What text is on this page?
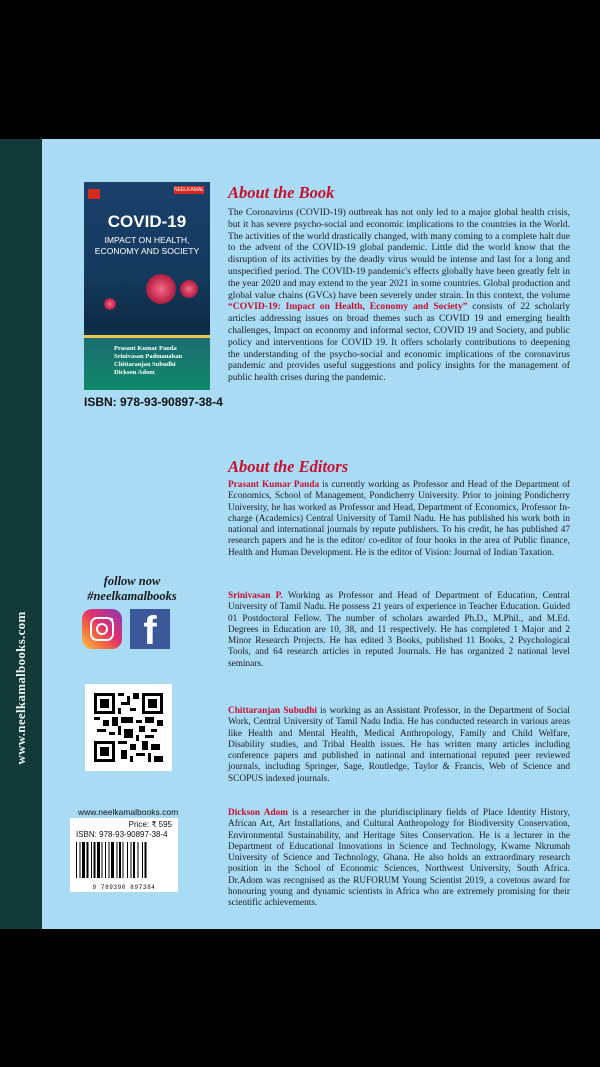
www.neelkamalbooks.com
NEELKAMAL
COVID-19
IMPACT ON HEALTH, ECONOMY AND SOCIETY
Prasant Kumar Panda
Srinivasan Padmanaban
Chittaranjan Subudhi
Dickson Adom
ISBN: 978-93-90897-38-4
follow now
#neelkamalbooks
f
www.neelkamalbooks.com
Price: ₹ 595
ISBN: 978-93-90897-38-4
9 789390 897384
About the Book

The Coronavirus (COVID-19) outbreak has not only led to a major global health crisis, but it has severe psycho-social and economic implications to the countries in the World. The activities of the world drastically changed, with many coming to a complete halt due to the advent of the COVID-19 global pandemic. Little did the world know that the disruption of its activities by the deadly virus would be intense and last for a long and unspecified period. The COVID-19 pandemic's effects globally have been greatly felt in the year 2020 and may extend to the year 2021 in some countries. Global production and global value chains (GVCs) have been severely under strain. In this context, the volume “COVID-19: Impact on Health, Economy and Society” consists of 22 scholarly articles addressing issues on broad themes such as COVID 19 and emerging health challenges, Impact on economy and informal sector, COVID 19 and Society, and public policy and interventions for COVID 19. It offers scholarly contributions to deepening the understanding of the psycho-social and economic implications of the coronavirus pandemic and provides useful suggestions and policy insights for the management of public health crises during the pandemic.

About the Editors

Prasant Kumar Panda is currently working as Professor and Head of the Department of Economics, School of Management, Pondicherry University. Prior to joining Pondicherry University, he has worked as Professor and Head, Department of Economics, Professor In-charge (Academics) Central University of Tamil Nadu. He has published his work both in national and international journals by repute publishers. To his credit, he has published 47 research papers and he is the editor/ co-editor of four books in the area of Public finance, Health and Human Development. He is the editor of Vision: Journal of Indian Taxation.

Srinivasan P. Working as Professor and Head of Department of Education, Central University of Tamil Nadu. He possess 21 years of experience in Teacher Education. Guided 01 Postdoctoral Fellow. The number of scholars awarded Ph.D., M.Phil., and M.Ed. Degrees in Education are 10, 38, and 11 respectively. He has completed 1 Major and 2 Minor Research Projects. He has edited 3 Books, published 11 Books, 2 Psychological Tools, and 64 research articles in reputed Journals. He has organized 2 national level seminars.

Chittaranjan Subudhi is working as an Assistant Professor, in the Department of Social Work, Central University of Tamil Nadu India. He has conducted research in various areas like Health and Mental Health, Medical Anthropology, Family and Child Welfare, Disability studies, and Tribal Health issues. He has written many articles including conference papers and published in national and international reputed peer reviewed journals, including Springer, Sage, Routledge, Taylor & Francis, Web of Science and SCOPUS indexed journals.

Dickson Adom is a researcher in the pluridisciplinary fields of Place Identity History, African Art, Art Installations, and Cultural Anthropology for Biodiversity Conservation, Environmental Sustainability, and Heritage Sites Conservation. He is a lecturer in the Department of Educational Innovations in Science and Technology, Kwame Nkrumah University of Science and Technology, Ghana. He also holds an extraordinary research position in the School of Economic Sciences, Northwest University, South Africa. Dr.Adom was recognised as the RUFORUM Young Scientist 2019, a covetous award for honouring young and dynamic scientists in Africa who are extremely promising for their scientific achievements.
